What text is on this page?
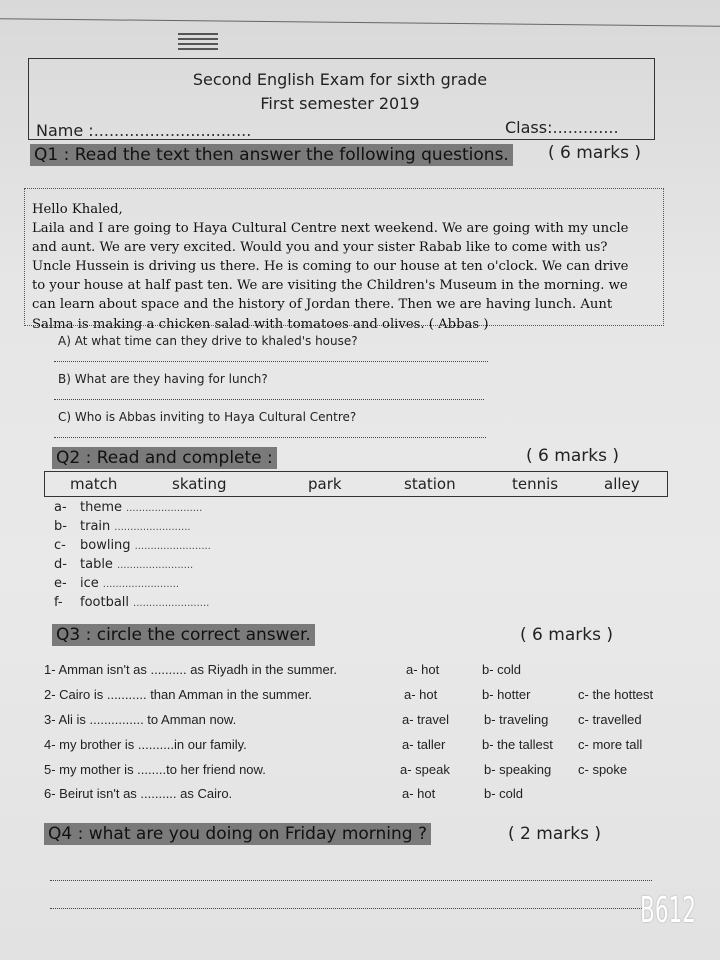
Second English Exam for sixth grade
First semester 2019
Name :...............................	Class:.............
Q1 : Read the text then answer the following questions. ( 6 marks )
Hello Khaled,
Laila and I are going to Haya Cultural Centre next weekend. We are going with my uncle
and aunt. We are very excited. Would you and your sister Rabab like to come with us?
Uncle Hussein is driving us there. He is coming to our house at ten o'clock. We can drive
to your house at half past ten. We are visiting the Children's Museum in the morning. we
can learn about space and the history of Jordan there. Then we are having lunch. Aunt
Salma is making a chicken salad with tomatoes and olives. ( Abbas )
A) At what time can they drive to khaled's house?
B) What are they having for lunch?
C) Who is Abbas inviting to Haya Cultural Centre?
Q2 : Read and complete :	( 6 marks )
match	skating	park	station	tennis	alley
a- theme ........................
b- train ........................
c- bowling ........................
d- table ........................
e- ice ........................
f- football ........................
Q3 : circle the correct answer.	( 6 marks )
1- Amman isn't as .......... as Riyadh in the summer.	a- hot	b- cold
2- Cairo is ........... than Amman in the summer.	a- hot	b- hotter	c- the hottest
3- Ali is ............... to Amman now.	a- travel	b- traveling c- travelled
4- my brother is ..........in our family.	a- taller	b- the tallest c- more tall
5- my mother is ........to her friend now.	a- speak	b- speaking c- spoke
6- Beirut isn't as .......... as Cairo.	a- hot	b- cold
Q4 : what are you doing on Friday morning ?	( 2 marks )
B612
